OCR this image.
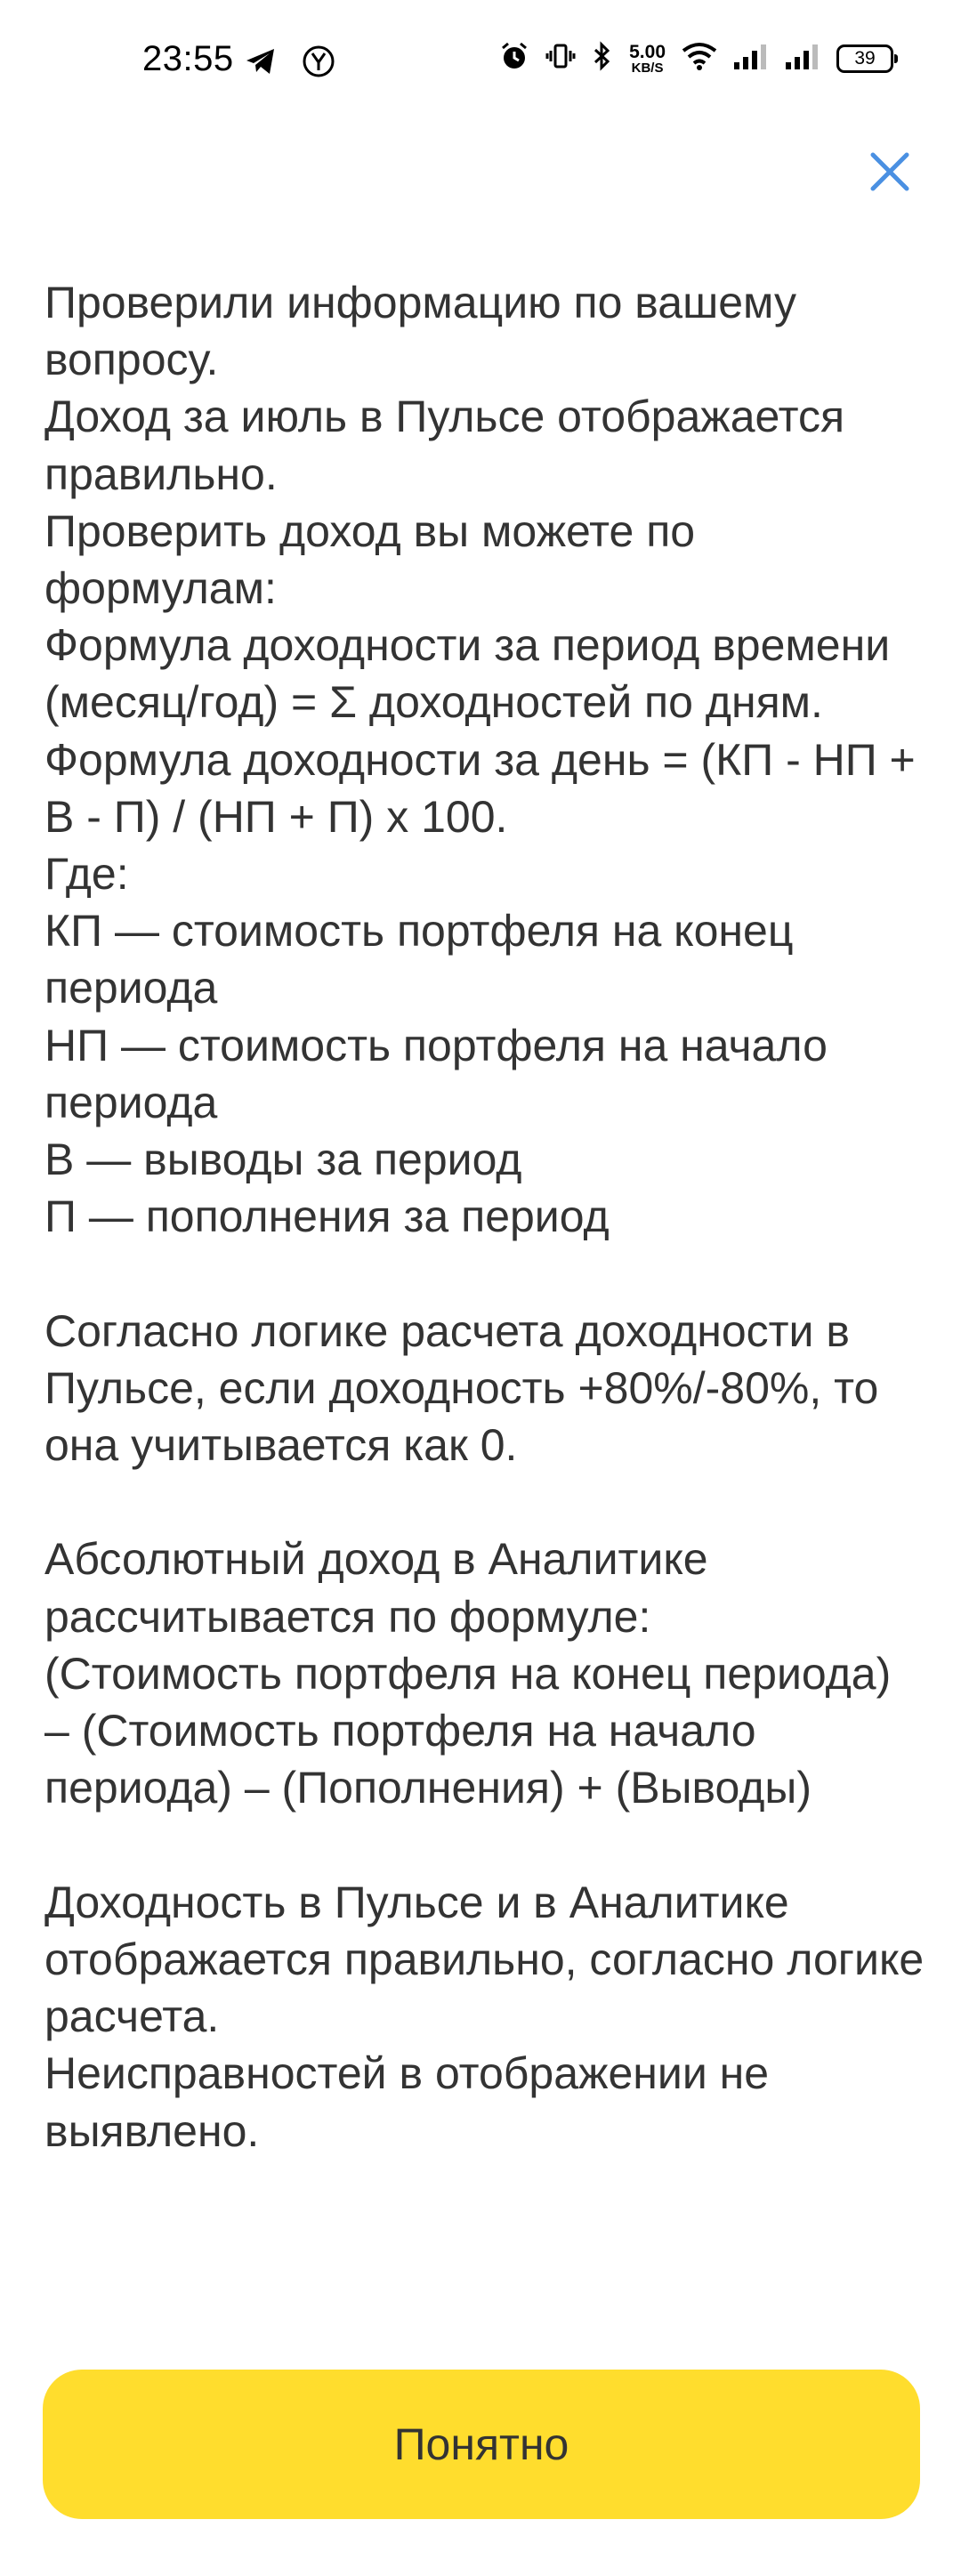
23:55	5.00
KB/S	39

Проверили информацию по вашему вопросу.
Доход за июль в Пульсе отображается правильно.
Проверить доход вы можете по формулам:
Формула доходности за период времени (месяц/год) = Σ доходностей по дням.
Формула доходности за день = (КП - НП + В - П) / (НП + П) х 100.
Где:
КП — стоимость портфеля на конец периода
НП — стоимость портфеля на начало периода
В — выводы за период
П — пополнения за период

Согласно логике расчета доходности в Пульсе, если доходность +80%/-80%, то она учитывается как 0.

Абсолютный доход в Аналитике рассчитывается по формуле:
(Стоимость портфеля на конец периода) – (Стоимость портфеля на начало периода) – (Пополнения) + (Выводы)

Доходность в Пульсе и в Аналитике отображается правильно, согласно логике расчета.
Неисправностей в отображении не выявлено.

Понятно
